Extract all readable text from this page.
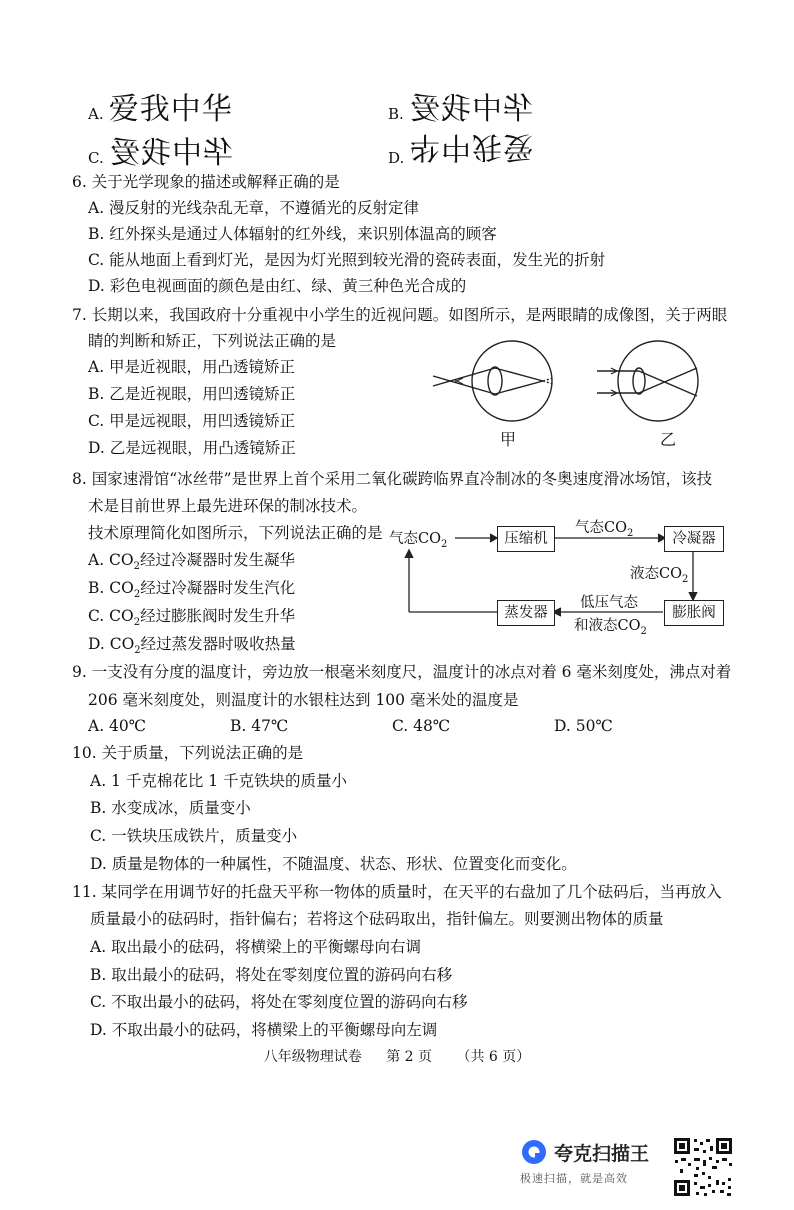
A. 爱我中华	B. 华中我爱
C. 华中我爱	D. 爱我中华
6. 关于光学现象的描述或解释正确的是
A. 漫反射的光线杂乱无章，不遵循光的反射定律
B. 红外探头是通过人体辐射的红外线，来识别体温高的顾客
C. 能从地面上看到灯光，是因为灯光照到较光滑的瓷砖表面，发生光的折射
D. 彩色电视画面的颜色是由红、绿、黄三种色光合成的
7. 长期以来，我国政府十分重视中小学生的近视问题。如图所示，是两眼睛的成像图，关于两眼
睛的判断和矫正，下列说法正确的是
A. 甲是近视眼，用凸透镜矫正
B. 乙是近视眼，用凹透镜矫正
C. 甲是远视眼，用凹透镜矫正
D. 乙是远视眼，用凸透镜矫正	甲	乙
8. 国家速滑馆“冰丝带”是世界上首个采用二氧化碳跨临界直冷制冰的冬奥速度滑冰场馆，该技
术是目前世界上最先进环保的制冰技术。
技术原理简化如图所示，下列说法正确的是
A. $CO_2$经过冷凝器时发生凝华
B. $CO_2$经过冷凝器时发生汽化
C. $CO_2$经过膨胀阀时发生升华
D. $CO_2$经过蒸发器时吸收热量
气态$CO_2$	压缩机
气态$CO_2$	冷凝器
液态$CO_2$
膨胀阀
低压气态
和液态$CO_2$
蒸发器
9. 一支没有分度的温度计，旁边放一根毫米刻度尺，温度计的冰点对着 6 毫米刻度处，沸点对着
206 毫米刻度处，则温度计的水银柱达到 100 毫米处的温度是
A. 40℃	B. 47℃	C. 48℃	D. 50℃
10. 关于质量，下列说法正确的是
A. 1 千克棉花比 1 千克铁块的质量小
B. 水变成冰，质量变小
C. 一铁块压成铁片，质量变小
D. 质量是物体的一种属性，不随温度、状态、形状、位置变化而变化。
11. 某同学在用调节好的托盘天平称一物体的质量时，在天平的右盘加了几个砝码后，当再放入
质量最小的砝码时，指针偏右；若将这个砝码取出，指针偏左。则要测出物体的质量
A. 取出最小的砝码，将横梁上的平衡螺母向右调
B. 取出最小的砝码，将处在零刻度位置的游码向右移
C. 不取出最小的砝码，将处在零刻度位置的游码向右移
D. 不取出最小的砝码，将横梁上的平衡螺母向左调
八年级物理试卷 第 2 页 （共 6 页）
夸克扫描王
极速扫描，就是高效
